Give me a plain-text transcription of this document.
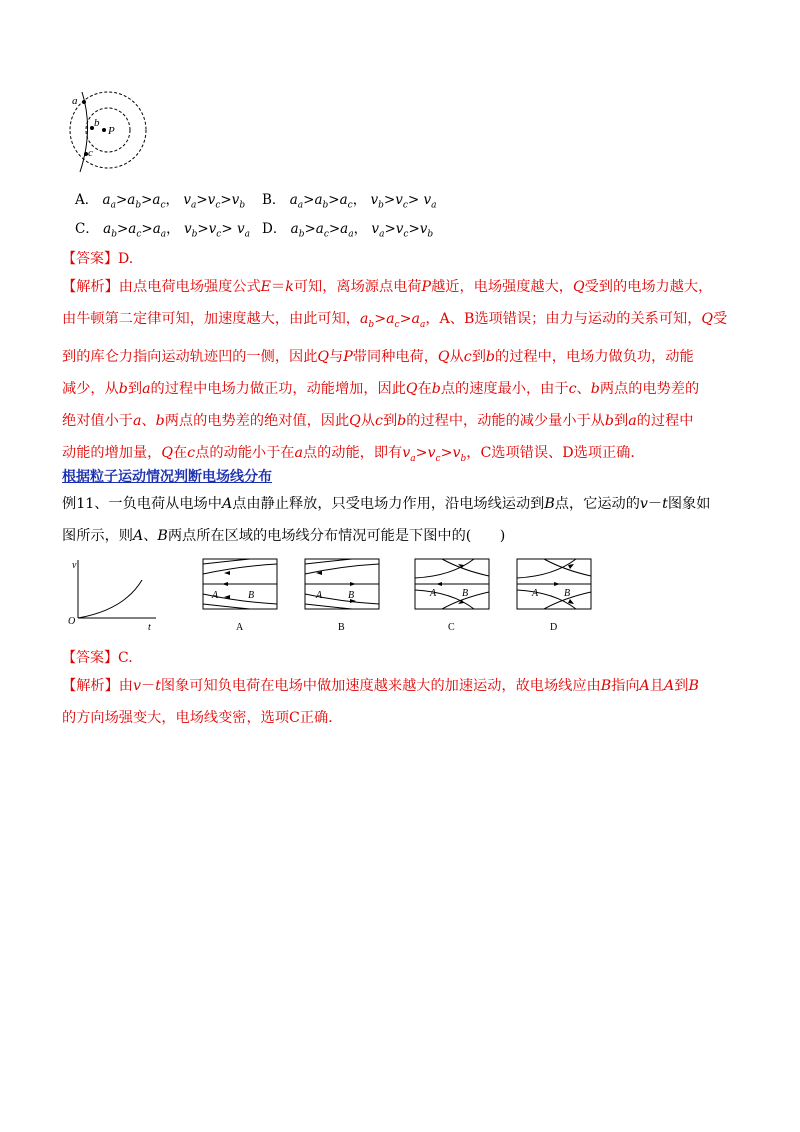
a
b
c
P
A． $a_a>a_b>a_c$， $v_a>v_c>v_b$ B． $a_a>a_b>a_c$， $v_b>v_c> v_a$
C． $a_b>a_c>a_a$， $v_b>v_c> v_a$ D． $a_b>a_c>a_a$， $v_a>v_c>v_b$
【答案】D.
【解析】由点电荷电场强度公式E＝k可知，离场源点电荷P越近，电场强度越大，Q受到的电场力越大，
由牛顿第二定律可知，加速度越大，由此可知，$a_b>a_c>a_a$，A、B选项错误；由力与运动的关系可知，Q受
到的库仑力指向运动轨迹凹的一侧，因此Q与P带同种电荷，Q从c到b的过程中，电场力做负功，动能
减少，从b到a的过程中电场力做正功，动能增加，因此Q在b点的速度最小，由于c、b两点的电势差的
绝对值小于a、b两点的电势差的绝对值，因此Q从c到b的过程中，动能的减少量小于从b到a的过程中
动能的增加量，Q在c点的动能小于在a点的动能，即有$v_a>v_c>v_b$，C选项错误、D选项正确．
根据粒子运动情况判断电场线分布
例11、一负电荷从电场中A点由静止释放，只受电场力作用，沿电场线运动到B点，它运动的v－t图象如
图所示，则A、B两点所在区域的电场线分布情况可能是下图中的(　　)
v
t
O
A	B
A
A	B
B
A	B
C
A	B
D
【答案】C.
【解析】由v－t图象可知负电荷在电场中做加速度越来越大的加速运动，故电场线应由B指向A且A到B
的方向场强变大，电场线变密，选项C正确．
